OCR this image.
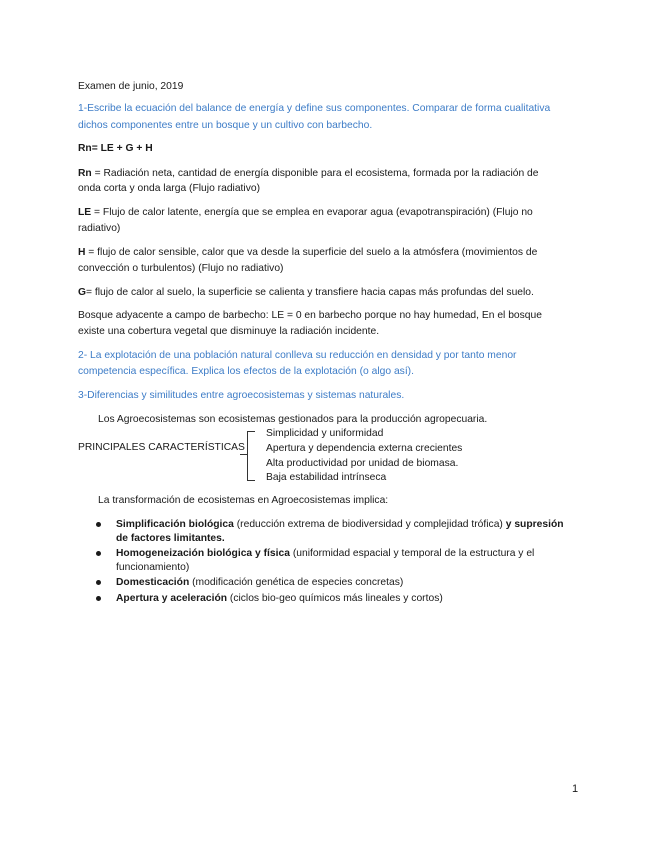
Examen de junio, 2019
1-Escribe la ecuación del balance de energía y define sus componentes. Comparar de forma cualitativa
dichos componentes entre un bosque y un cultivo con barbecho.
Rn= LE + G + H
Rn = Radiación neta, cantidad de energía disponible para el ecosistema, formada por la radiación de
onda corta y onda larga (Flujo radiativo)
LE = Flujo de calor latente, energía que se emplea en evaporar agua (evapotranspiración) (Flujo no
radiativo)
H = flujo de calor sensible, calor que va desde la superficie del suelo a la atmósfera (movimientos de
convección o turbulentos) (Flujo no radiativo)
G= flujo de calor al suelo, la superficie se calienta y transfiere hacia capas más profundas del suelo.
Bosque adyacente a campo de barbecho: LE = 0 en barbecho porque no hay humedad, En el bosque
existe una cobertura vegetal que disminuye la radiación incidente.
2- La explotación de una población natural conlleva su reducción en densidad y por tanto menor
competencia específica. Explica los efectos de la explotación (o algo así).
3-Diferencias y similitudes entre agroecosistemas y sistemas naturales.
Los Agroecosistemas son ecosistemas gestionados para la producción agropecuaria.
PRINCIPALES CARACTERÍSTICAS
Simplicidad y uniformidad
Apertura y dependencia externa crecientes
Alta productividad por unidad de biomasa.
Baja estabilidad intrínseca
La transformación de ecosistemas en Agroecosistemas implica:
Simplificación biológica (reducción extrema de biodiversidad y complejidad trófica) y supresión
de factores limitantes.
Homogeneización biológica y física (uniformidad espacial y temporal de la estructura y el
funcionamiento)
Domesticación (modificación genética de especies concretas)
Apertura y aceleración (ciclos bio-geo químicos más lineales y cortos)
1
